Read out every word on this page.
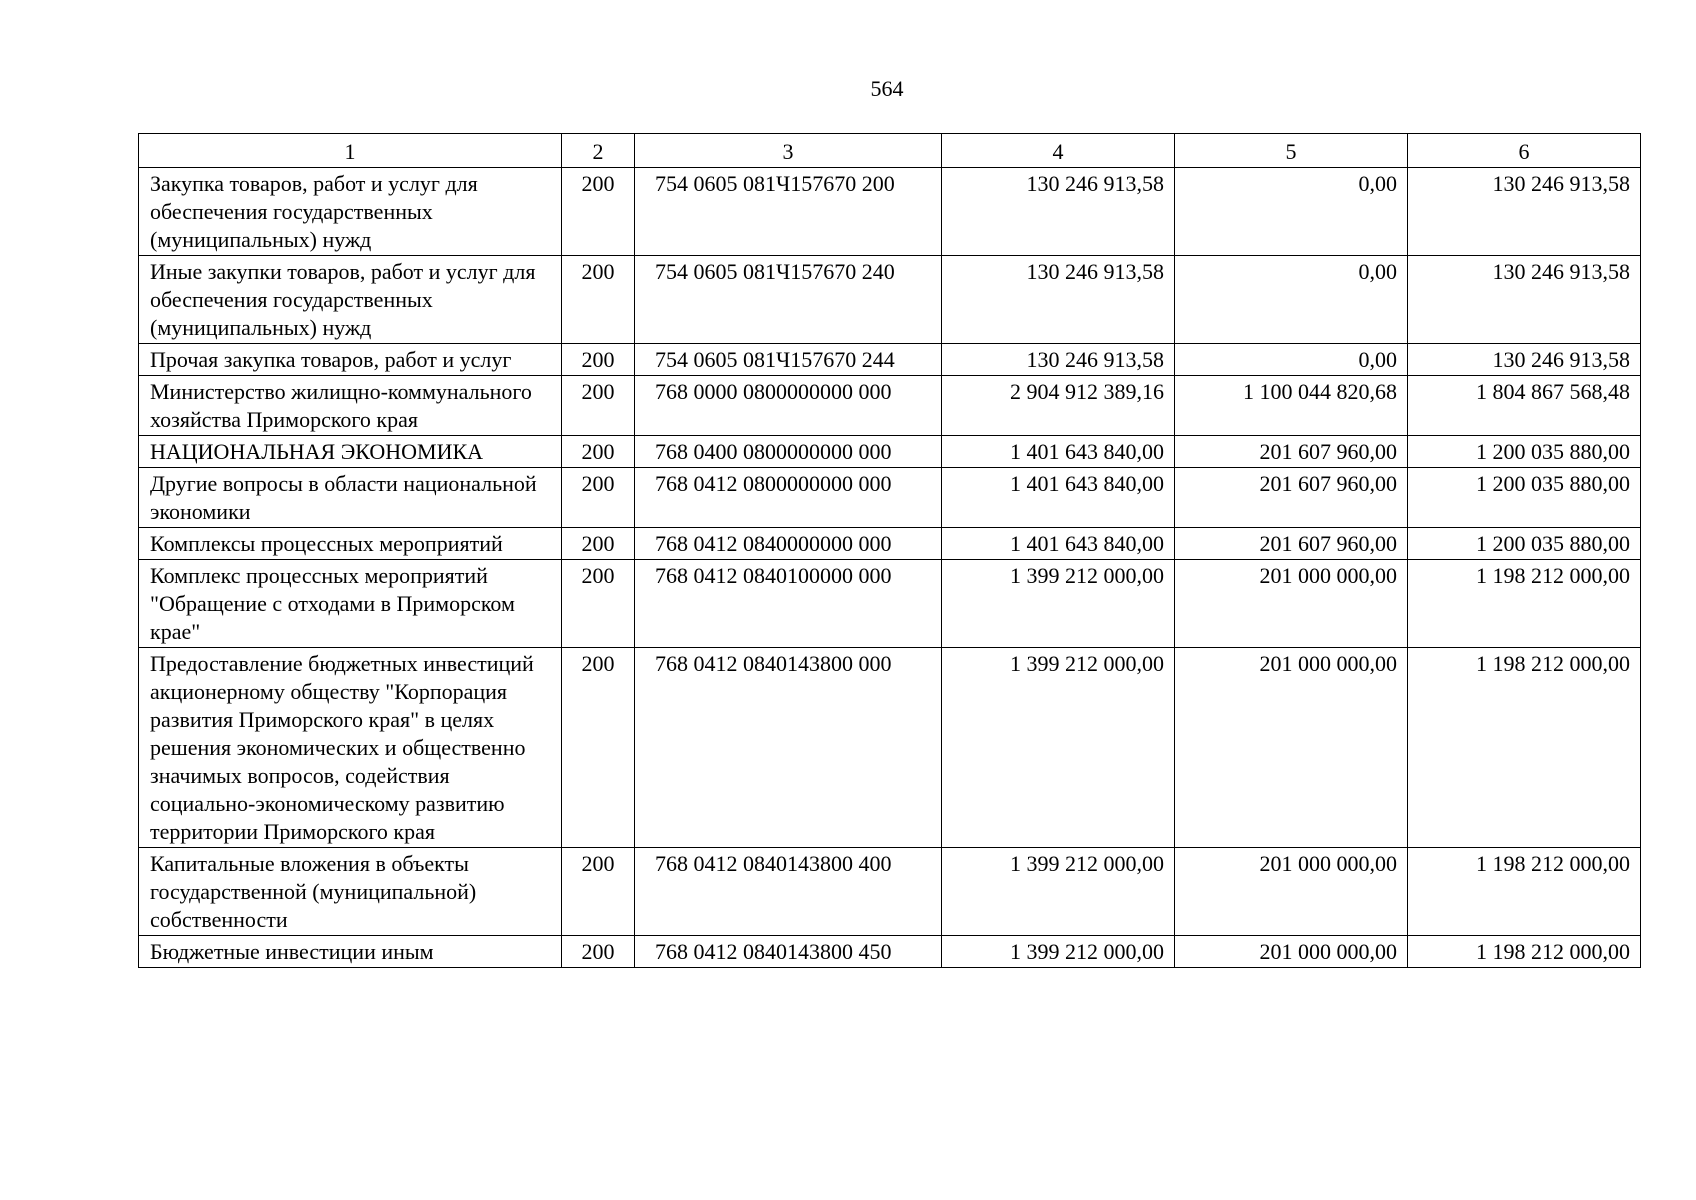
564
1	2	3	4	5	6
Закупка товаров, работ и услуг для обеспечения государственных (муниципальных) нужд	200	754 0605 081Ч157670 200	130 246 913,58	0,00	130 246 913,58
Иные закупки товаров, работ и услуг для обеспечения государственных (муниципальных) нужд	200	754 0605 081Ч157670 240	130 246 913,58	0,00	130 246 913,58
Прочая закупка товаров, работ и услуг	200	754 0605 081Ч157670 244	130 246 913,58	0,00	130 246 913,58
Министерство жилищно-коммунального хозяйства Приморского края	200	768 0000 0800000000 000	2 904 912 389,16	1 100 044 820,68	1 804 867 568,48
НАЦИОНАЛЬНАЯ ЭКОНОМИКА	200	768 0400 0800000000 000	1 401 643 840,00	201 607 960,00	1 200 035 880,00
Другие вопросы в области национальной экономики	200	768 0412 0800000000 000	1 401 643 840,00	201 607 960,00	1 200 035 880,00
Комплексы процессных мероприятий	200	768 0412 0840000000 000	1 401 643 840,00	201 607 960,00	1 200 035 880,00
Комплекс процессных мероприятий "Обращение с отходами в Приморском крае"	200	768 0412 0840100000 000	1 399 212 000,00	201 000 000,00	1 198 212 000,00
Предоставление бюджетных инвестиций акционерному обществу "Корпорация развития Приморского края" в целях решения экономических и общественно значимых вопросов, содействия социально-экономическому развитию территории Приморского края	200	768 0412 0840143800 000	1 399 212 000,00	201 000 000,00	1 198 212 000,00
Капитальные вложения в объекты государственной (муниципальной) собственности	200	768 0412 0840143800 400	1 399 212 000,00	201 000 000,00	1 198 212 000,00
Бюджетные инвестиции иным	200	768 0412 0840143800 450	1 399 212 000,00	201 000 000,00	1 198 212 000,00
